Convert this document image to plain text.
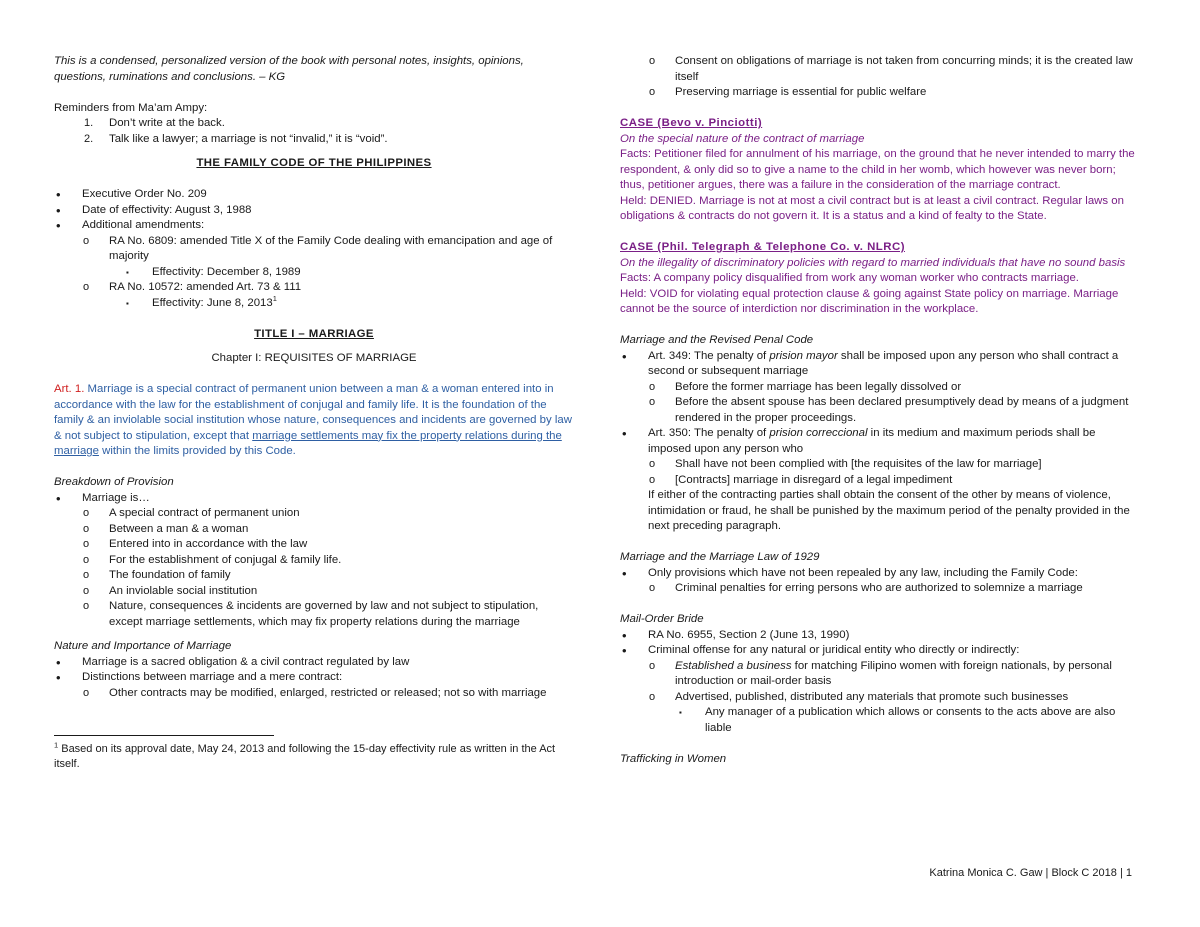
This is a condensed, personalized version of the book with personal notes, insights, opinions, questions, ruminations and conclusions. – KG

Reminders from Ma’am Ampy:

1. Don’t write at the back.
2. Talk like a lawyer; a marriage is not “invalid,” it is “void”.

THE FAMILY CODE OF THE PHILIPPINES

• Executive Order No. 209
• Date of effectivity: August 3, 1988
• Additional amendments:
o RA No. 6809: amended Title X of the Family Code dealing with emancipation and age of majority
▪ Effectivity: December 8, 1989
o RA No. 10572: amended Art. 73 & 111
▪ Effectivity: June 8, 2013$^1$

TITLE I – MARRIAGE

Chapter I: REQUISITES OF MARRIAGE

Art. 1. Marriage is a special contract of permanent union between a man & a woman entered into in accordance with the law for the establishment of conjugal and family life. It is the foundation of the family & an inviolable social institution whose nature, consequences and incidents are governed by law & not subject to stipulation, except that marriage settlements may fix the property relations during the marriage within the limits provided by this Code.

Breakdown of Provision

• Marriage is…
o A special contract of permanent union
o Between a man & a woman
o Entered into in accordance with the law
o For the establishment of conjugal & family life.
o The foundation of family
o An inviolable social institution
o Nature, consequences & incidents are governed by law and not subject to stipulation, except marriage settlements, which may fix property relations during the marriage

Nature and Importance of Marriage

• Marriage is a sacred obligation & a civil contract regulated by law
• Distinctions between marriage and a mere contract:
o Other contracts may be modified, enlarged, restricted or released; not so with marriage

$^1$ Based on its approval date, May 24, 2013 and following the 15-day effectivity rule as written in the Act itself.

o Consent on obligations of marriage is not taken from concurring minds; it is the created law itself
o Preserving marriage is essential for public welfare

CASE (Bevo v. Pinciotti)

On the special nature of the contract of marriage

Facts: Petitioner filed for annulment of his marriage, on the ground that he never intended to marry the respondent, & only did so to give a name to the child in her womb, which however was never born; thus, petitioner argues, there was a failure in the consideration of the marriage contract.

Held: DENIED. Marriage is not at most a civil contract but is at least a civil contract. Regular laws on obligations & contracts do not govern it. It is a status and a kind of fealty to the State.

CASE (Phil. Telegraph & Telephone Co. v. NLRC)

On the illegality of discriminatory policies with regard to married individuals that have no sound basis

Facts: A company policy disqualified from work any woman worker who contracts marriage.

Held: VOID for violating equal protection clause & going against State policy on marriage. Marriage cannot be the source of interdiction nor discrimination in the workplace.

Marriage and the Revised Penal Code

• Art. 349: The penalty of prision mayor shall be imposed upon any person who shall contract a second or subsequent marriage
o Before the former marriage has been legally dissolved or
o Before the absent spouse has been declared presumptively dead by means of a judgment rendered in the proper proceedings.
• Art. 350: The penalty of prision correccional in its medium and maximum periods shall be imposed upon any person who
o Shall have not been complied with [the requisites of the law for marriage]
o [Contracts] marriage in disregard of a legal impediment

If either of the contracting parties shall obtain the consent of the other by means of violence, intimidation or fraud, he shall be punished by the maximum period of the penalty provided in the next preceding paragraph.

Marriage and the Marriage Law of 1929

• Only provisions which have not been repealed by any law, including the Family Code:
o Criminal penalties for erring persons who are authorized to solemnize a marriage

Mail-Order Bride

• RA No. 6955, Section 2 (June 13, 1990)
• Criminal offense for any natural or juridical entity who directly or indirectly:
o Established a business for matching Filipino women with foreign nationals, by personal introduction or mail-order basis
o Advertised, published, distributed any materials that promote such businesses
▪ Any manager of a publication which allows or consents to the acts above are also liable

Trafficking in Women

Katrina Monica C. Gaw | Block C 2018 | 1
